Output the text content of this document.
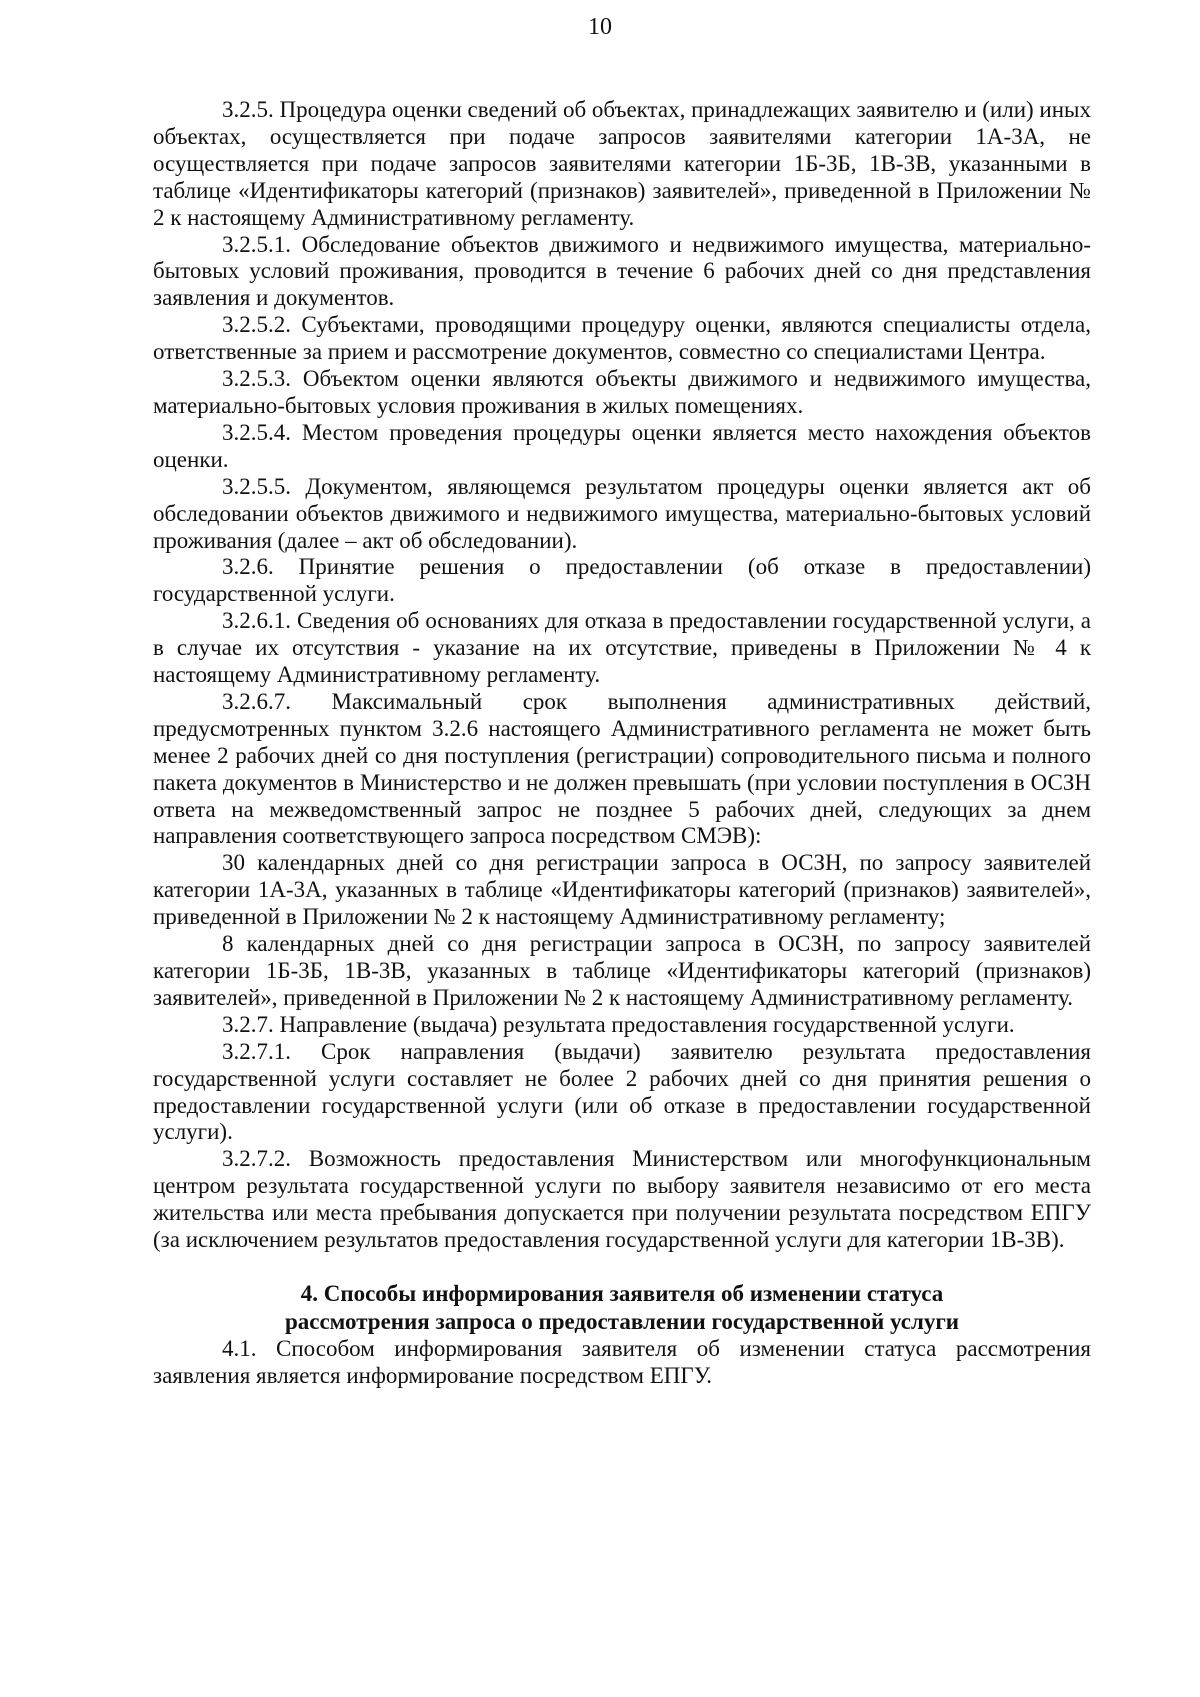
10

3.2.5. Процедура оценки сведений об объектах, принадлежащих заявителю и (или) иных объектах, осуществляется при подаче запросов заявителями категории 1А-3А, не осуществляется при подаче запросов заявителями категории 1Б-3Б, 1В-3В, указанными в таблице «Идентификаторы категорий (признаков) заявителей», приведенной в Приложении № 2 к настоящему Административному регламенту.

3.2.5.1. Обследование объектов движимого и недвижимого имущества, материально-бытовых условий проживания, проводится в течение 6 рабочих дней со дня представления заявления и документов.

3.2.5.2. Субъектами, проводящими процедуру оценки, являются специалисты отдела, ответственные за прием и рассмотрение документов, совместно со специалистами Центра.

3.2.5.3. Объектом оценки являются объекты движимого и недвижимого имущества, материально-бытовых условия проживания в жилых помещениях.

3.2.5.4. Местом проведения процедуры оценки является место нахождения объектов оценки.

3.2.5.5. Документом, являющемся результатом процедуры оценки является акт об обследовании объектов движимого и недвижимого имущества, материально-бытовых условий проживания (далее – акт об обследовании).

3.2.6. Принятие решения о предоставлении (об отказе в предоставлении) государственной услуги.

3.2.6.1. Сведения об основаниях для отказа в предоставлении государственной услуги, а в случае их отсутствия - указание на их отсутствие, приведены в Приложении № 4 к настоящему Административному регламенту.

3.2.6.7. Максимальный срок выполнения административных действий, предусмотренных пунктом 3.2.6 настоящего Административного регламента не может быть менее 2 рабочих дней со дня поступления (регистрации) сопроводительного письма и полного пакета документов в Министерство и не должен превышать (при условии поступления в ОСЗН ответа на межведомственный запрос не позднее 5 рабочих дней, следующих за днем направления соответствующего запроса посредством СМЭВ):

30 календарных дней со дня регистрации запроса в ОСЗН, по запросу заявителей категории 1А-3А, указанных в таблице «Идентификаторы категорий (признаков) заявителей», приведенной в Приложении № 2 к настоящему Административному регламенту;

8 календарных дней со дня регистрации запроса в ОСЗН, по запросу заявителей категории 1Б-3Б, 1В-3В, указанных в таблице «Идентификаторы категорий (признаков) заявителей», приведенной в Приложении № 2 к настоящему Административному регламенту.

3.2.7. Направление (выдача) результата предоставления государственной услуги.

3.2.7.1. Срок направления (выдачи) заявителю результата предоставления государственной услуги составляет не более 2 рабочих дней со дня принятия решения о предоставлении государственной услуги (или об отказе в предоставлении государственной услуги).

3.2.7.2. Возможность предоставления Министерством или многофункциональным центром результата государственной услуги по выбору заявителя независимо от его места жительства или места пребывания допускается при получении результата посредством ЕПГУ (за исключением результатов предоставления государственной услуги для категории 1В-3В).

4. Способы информирования заявителя об изменении статуса
рассмотрения запроса о предоставлении государственной услуги

4.1. Способом информирования заявителя об изменении статуса рассмотрения заявления является информирование посредством ЕПГУ.
